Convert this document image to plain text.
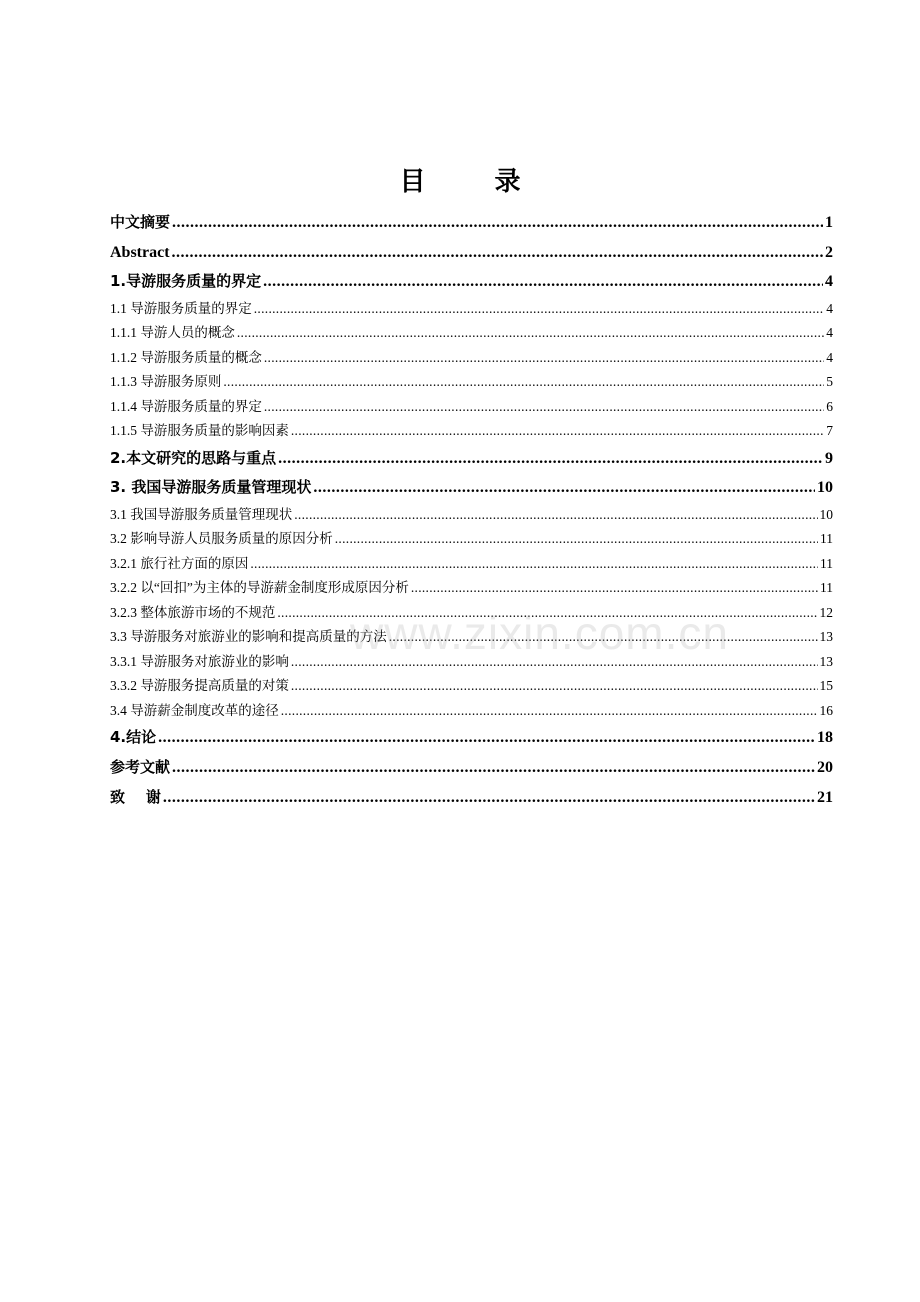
目 录
中文摘要 .....	1
Abstract .....	2
1.导游服务质量的界定 .....	4
1.1 导游服务质量的界定 .....	4
1.1.1 导游人员的概念 .....	4
1.1.2 导游服务质量的概念 .....	4
1.1.3 导游服务原则 .....	5
1.1.4 导游服务质量的界定 .....	6
1.1.5 导游服务质量的影响因素 .....	7
2.本文研究的思路与重点 .....	9
3. 我国导游服务质量管理现状 .....	10
3.1 我国导游服务质量管理现状 .....	10
3.2 影响导游人员服务质量的原因分析 .....	11
3.2.1 旅行社方面的原因 .....	11
3.2.2 以“回扣”为主体的导游薪金制度形成原因分析 .....	11
3.2.3 整体旅游市场的不规范 .....	12
3.3 导游服务对旅游业的影响和提高质量的方法 .....	13
3.3.1 导游服务对旅游业的影响 .....	13
3.3.2 导游服务提高质量的对策 .....	15
3.4 导游薪金制度改革的途径 .....	16
4.结论 .....	18
参考文献 .....	20
致    谢 .....	21
www.zixin.com.cn
